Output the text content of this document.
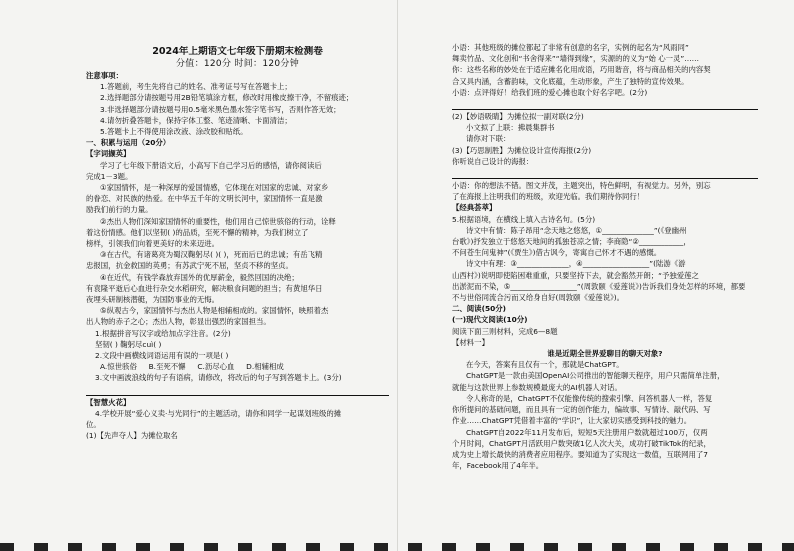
2024年上期语文七年级下册期末检测卷
分值：120分 时间：120分钟
注意事项：
1.答题前，考生先将自己的姓名、准考证号写在答题卡上；
2.选择题部分请按题号用2B铅笔填涂方框，修改时用橡皮擦干净，不留痕迹；
3.非选择题部分请按题号用0.5毫米黑色墨水签字笔书写，否则作答无效；
4.请勿折叠答题卡，保持字体工整、笔迹清晰、卡面清洁；
5.答题卡上不得使用涂改液、涂改胶和贴纸。
一、积累与运用（20分）
【字词撷英】
学习了七年级下册语文后，小高写下自己学习后的感悟，请你阅读后
完成1－3题。
①家国情怀，是一种深厚的爱国情感，它体现在对国家的忠诚、对家乡
的眷恋、对民族的热爱。在中华五千年的文明长河中，家国情怀一直是激
励我们前行的力量。
②杰出人物们深知家国情怀的重要性，他们用自己惊世骇俗的行动，诠释
着这份情感。他们以坚韧( )的品质，至死不懈的精神，为我们树立了
榜样，引领我们向着更美好的未来迈进。
③在古代，有诸葛亮为蜀汉鞠躬尽( )( )，死而后已的忠诚；有岳飞精
忠报国，抗金救国的英勇；有苏武宁死不屈，坚贞不移的坚贞。
④在近代，有钱学森放弃国外的优厚薪金，毅然回国的决绝；
有袁隆平逝后心血进行杂交水稻研究，解决粮食问题的担当；有黄旭华日
夜埋头研制核潜艇，为国防事业的无悔。
⑤纵观古今，家国情怀与杰出人物是相辅相成的。家国情怀，映照着杰
出人物的赤子之心；杰出人物，彰显出强烈的家国担当。
1.根据拼音写汉字或给加点字注音。(2分)
坚韧( ) 鞠躬尽cuì( )
2.文段中画横线词语运用有误的一项是( )
A.惊世骇俗 B.至死不懈 C.沥尽心血 D.相辅相成
3.文中画波浪线的句子有语病，请修改，将改后的句子写到答题卡上。(3分)
【智慧火花】
4.学校开展“爱心义卖·与光同行”的主题活动，请你和同学一起谋划班级的摊
位。
(1)【先声夺人】为摊位取名
小语：其他班级的摊位都起了非常有创意的名字，实例的起名为“风雨同”
舞卖竹品、文化创和“书舍得来”“墙得到缘”，实源的的义为“始 心一灵”……
你：这些名称的妙处在于适应摊名化用成语，巧用谐音，将与商品相关的内容契
合又具内涵，含蓄韵味，文化底蕴，生动形象，产生了独特的宣传效果。
小语：点评得好！给我们班的爱心摊也取个好名字吧。(2分)
(2)【妙语吸睛】为摊位拟一副对联(2分)
小文拟了上联：拂晨集群书
请你对下联：
(3)【巧思制胜】为摊位设计宣传海报(2分)
你听说自己设计的海报：
小语：你的想法不错。图文并茂，主题突出，特色鲜明，有视觉力。另外，别忘
了在海报上注明我们的班级，欢迎光临。我们期待你同行！
【经典荟萃】
5.根据语境，在横线上填入古诗名句。(5分)
诗文中有情：陈子昂用“念天地之悠悠，①______________”(《登幽州
台歌》)抒发独立于悠悠天地间的孤独苍凉之情；李商隐“②____________，
不问苍生问鬼神”(《贾生》)借古讽今，寄寓自己怀才不遇的感慨。
诗文中有理：③______________，④__________________”(陆游《游
山西村》)说明即使陷困难重重，只要坚持下去，就会豁然开朗；“予独爱莲之
出淤泥而不染，⑤__________________”(周敦颐《爱莲说》)告诉我们身处怎样的环境，都要
不与世俗同流合污而又给身自好(周敦颐《爱莲说》)。
二、阅读(50分)
(一)现代文阅读(10分)
阅读下面三则材料，完成6—8题
【材料一】
谁是近期全世界爱聊目的聊天对象?
在今天，答案有且仅有一个，那就是ChatGPT。
ChatGPT是一款由美国OpenAI公司推出的智能聊天程序，用户只需简单注册，
就能与这款世界上参数规模最庞大的AI机器人对话。
令人称奇的是，ChatGPT不仅能像传统的搜索引擎、问答机器人一样，答复
你所提问的基础问题，而且具有一定的创作能力，编故事、写情诗、敲代码、写
作业……ChatGPT凭借着丰富的“学识”，让大家切实感受到科技的魅力。
ChatGPT自2022年11月发布后，短短5天注册用户数就超过100万，仅两
个月时间，ChatGPT月活跃用户数突破1亿人次大关，成功打破TikTok的纪录，
成为史上增长最快的消费者应用程序。要知道为了实现这一数值，互联网用了7
年，Facebook用了4年半。
